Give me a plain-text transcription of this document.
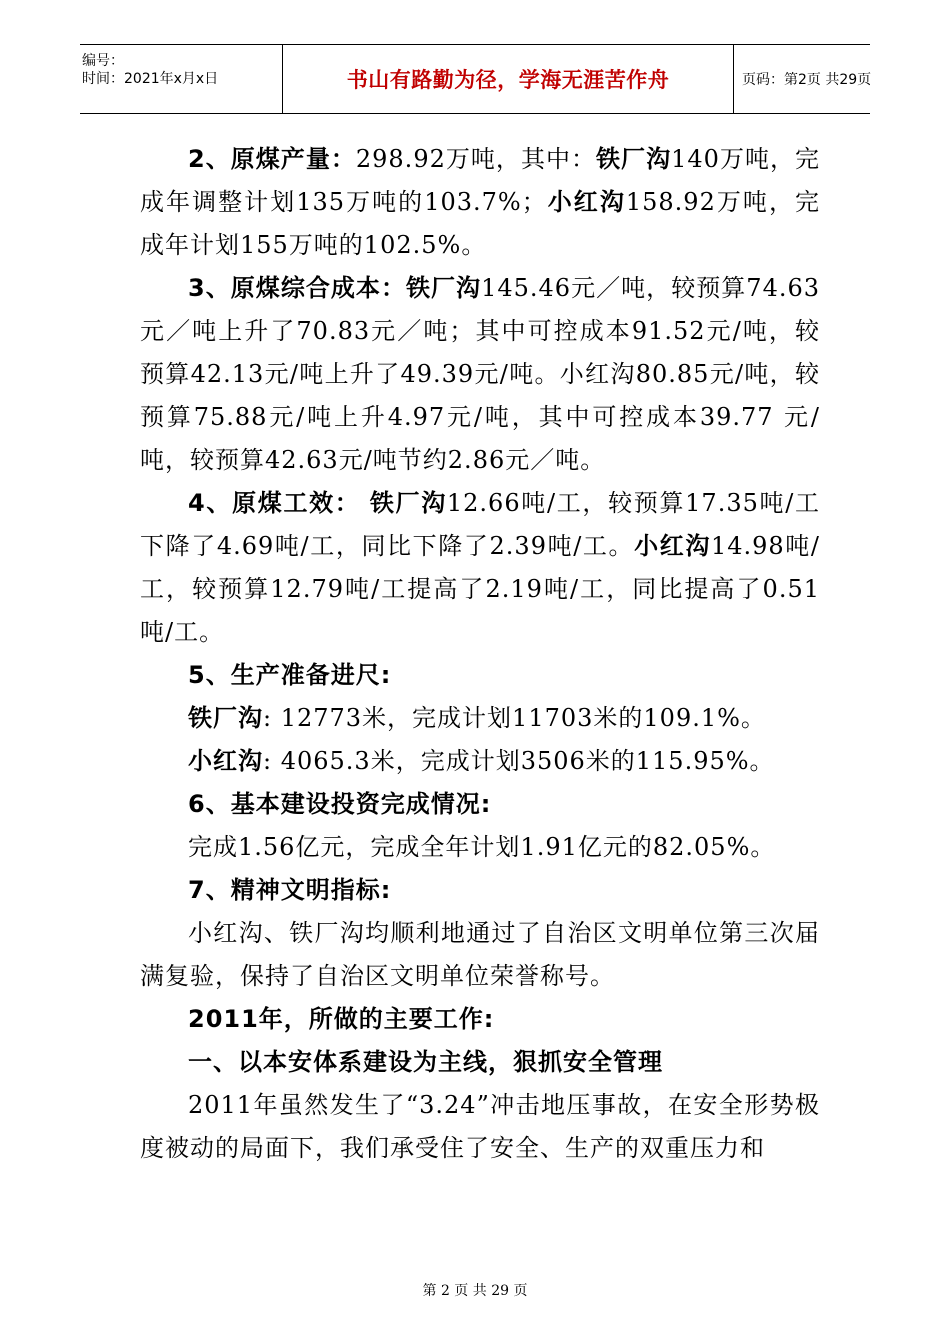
编号：
时间：2021年x月x日	书山有路勤为径，学海无涯苦作舟	页码：第2页 共29页

2、原煤产量：298.92万吨，其中：铁厂沟140万吨，完成年调整计划135万吨的103.7%；小红沟158.92万吨，完成年计划155万吨的102.5%。

3、原煤综合成本：铁厂沟145.46元／吨，较预算74.63元／吨上升了70.83元／吨；其中可控成本91.52元/吨，较预算42.13元/吨上升了49.39元/吨。小红沟80.85元/吨，较预算75.88元/吨上升4.97元/吨，其中可控成本39.77 元/吨，较预算42.63元/吨节约2.86元／吨。

4、原煤工效： 铁厂沟12.66吨/工，较预算17.35吨/工下降了4.69吨/工，同比下降了2.39吨/工。小红沟14.98吨/工，较预算12.79吨/工提高了2.19吨/工，同比提高了0.51吨/工。

5、生产准备进尺:

铁厂沟: 12773米，完成计划11703米的109.1%。

小红沟: 4065.3米，完成计划3506米的115.95%。

6、基本建设投资完成情况:

完成1.56亿元，完成全年计划1.91亿元的82.05%。

7、精神文明指标:

小红沟、铁厂沟均顺利地通过了自治区文明单位第三次届满复验，保持了自治区文明单位荣誉称号。

2011年，所做的主要工作:

一、以本安体系建设为主线，狠抓安全管理

2011年虽然发生了“3.24”冲击地压事故，在安全形势极度被动的局面下，我们承受住了安全、生产的双重压力和

第 2 页 共 29 页
